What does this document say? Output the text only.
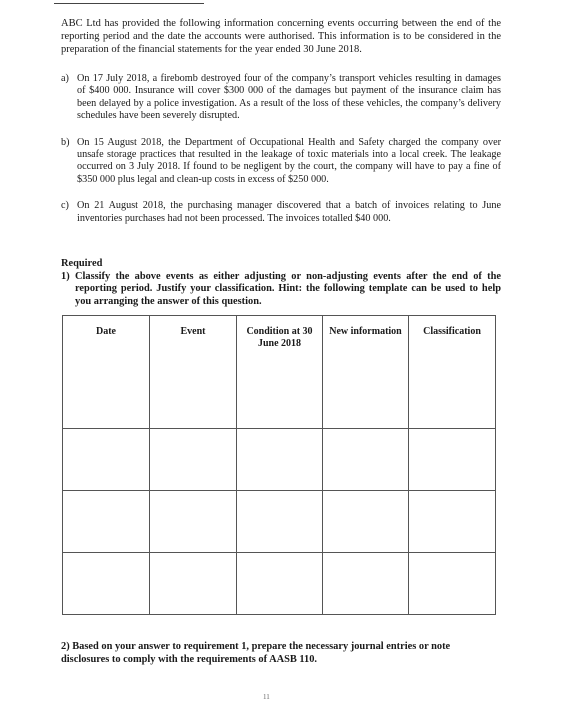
ABC Ltd has provided the following information concerning events occurring between the end of the reporting period and the date the accounts were authorised. This information is to be considered in the preparation of the financial statements for the year ended 30 June 2018.

a) On 17 July 2018, a firebomb destroyed four of the company’s transport vehicles resulting in damages of $400 000. Insurance will cover $300 000 of the damages but payment of the insurance claim has been delayed by a police investigation. As a result of the loss of these vehicles, the company’s delivery schedules have been severely disrupted.
b) On 15 August 2018, the Department of Occupational Health and Safety charged the company over unsafe storage practices that resulted in the leakage of toxic materials into a local creek. The leakage occurred on 3 July 2018. If found to be negligent by the court, the company will have to pay a fine of $350 000 plus legal and clean-up costs in excess of $250 000.
c) On 21 August 2018, the purchasing manager discovered that a batch of invoices relating to June inventories purchases had not been processed. The invoices totalled $40 000.
Required
1) Classify the above events as either adjusting or non-adjusting events after the end of the reporting period. Justify your classification. Hint: the following template can be used to help you arranging the answer of this question.
Date	Event	Condition at 30 June 2018	New information	Classification

2) Based on your answer to requirement 1, prepare the necessary journal entries or note disclosures to comply with the requirements of AASB 110.

11
